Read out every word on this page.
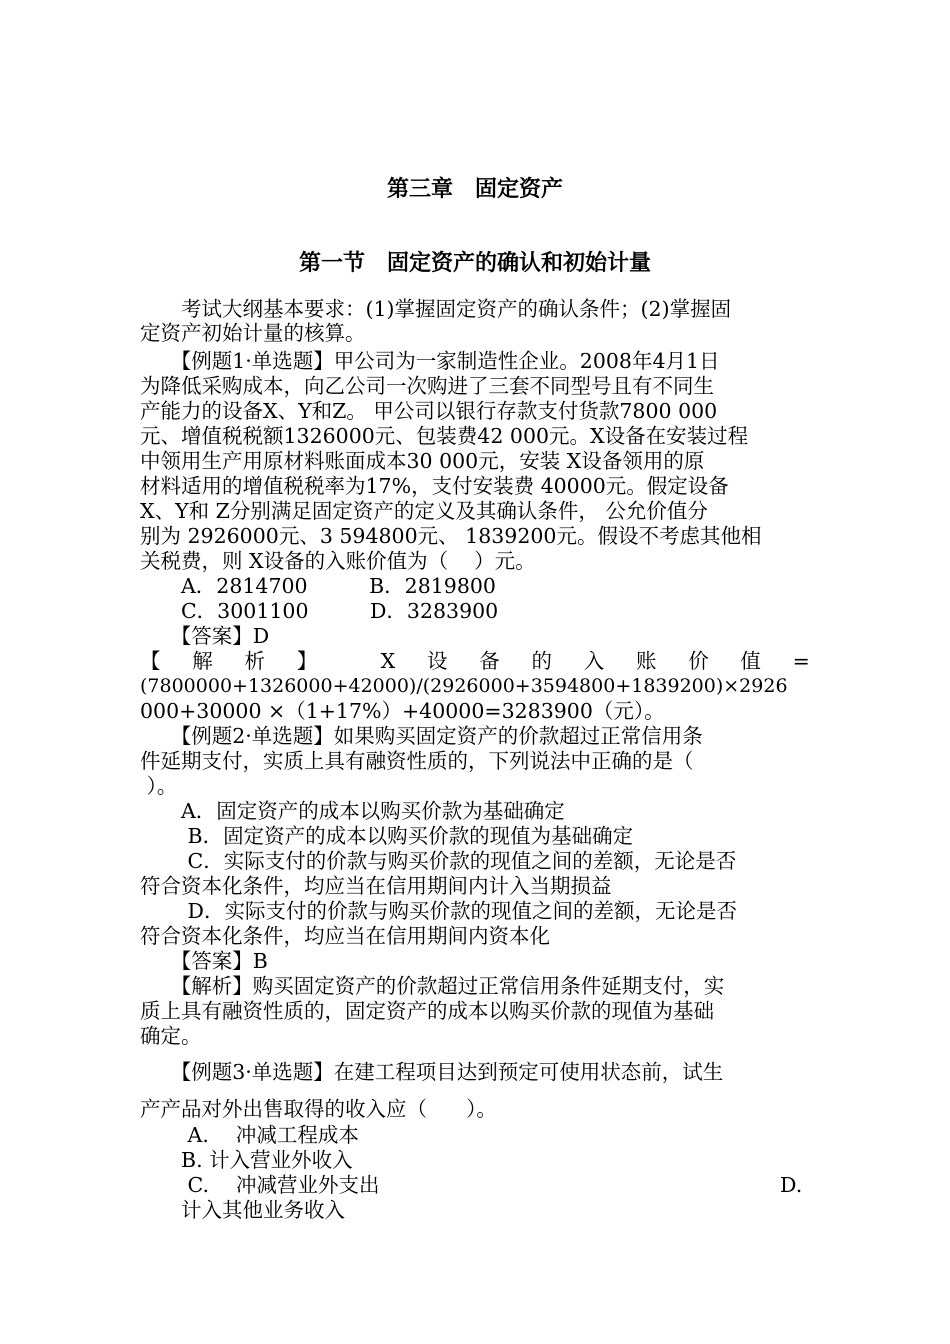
第三章　固定资产
第一节　固定资产的确认和初始计量
　　考试大纲基本要求：(1)掌握固定资产的确认条件；(2)掌握固
定资产初始计量的核算。
　　【例题1·单选题】甲公司为一家制造性企业。2008年4月1日
为降低采购成本，向乙公司一次购进了三套不同型号且有不同生
产能力的设备X、Y和Z。 甲公司以银行存款支付货款7800 000
元、增值税税额1326000元、包装费42 000元。X设备在安装过程
中领用生产用原材料账面成本30 000元，安装 X设备领用的原
材料适用的增值税税率为17%，支付安装费 40000元。假定设备
X、Y和 Z分别满足固定资产的定义及其确认条件， 公允价值分
别为 2926000元、3 594800元、 1839200元。假设不考虑其他相
关税费，则 X设备的入账价值为（    ）元。
　　A．2814700　　　B．2819800
　　C．3001100　　　D．3283900
　　【答案】D
【 解 析 】	X 设 备 的 入 账 价 值 =
(7800000+1326000+42000)/(2926000+3594800+1839200)×2926
000+30000 ×（1+17%）+40000=3283900（元）。
　　【例题2·单选题】如果购买固定资产的价款超过正常信用条
件延期支付，实质上具有融资性质的，下列说法中正确的是（
）。
　　A．固定资产的成本以购买价款为基础确定
　　 B．固定资产的成本以购买价款的现值为基础确定
　　 C．实际支付的价款与购买价款的现值之间的差额，无论是否
符合资本化条件，均应当在信用期间内计入当期损益
　　 D．实际支付的价款与购买价款的现值之间的差额，无论是否
符合资本化条件，均应当在信用期间内资本化
　　【答案】B
　　【解析】购买固定资产的价款超过正常信用条件延期支付，实
质上具有融资性质的，固定资产的成本以购买价款的现值为基础
确定。
　　【例题3·单选题】在建工程项目达到预定可使用状态前，试生
产产品对外出售取得的收入应（      ）。
　　 A.　 冲减工程成本
　　B. 计入营业外收入
　　 C.　 冲减营业外支出	D.
　　计入其他业务收入
